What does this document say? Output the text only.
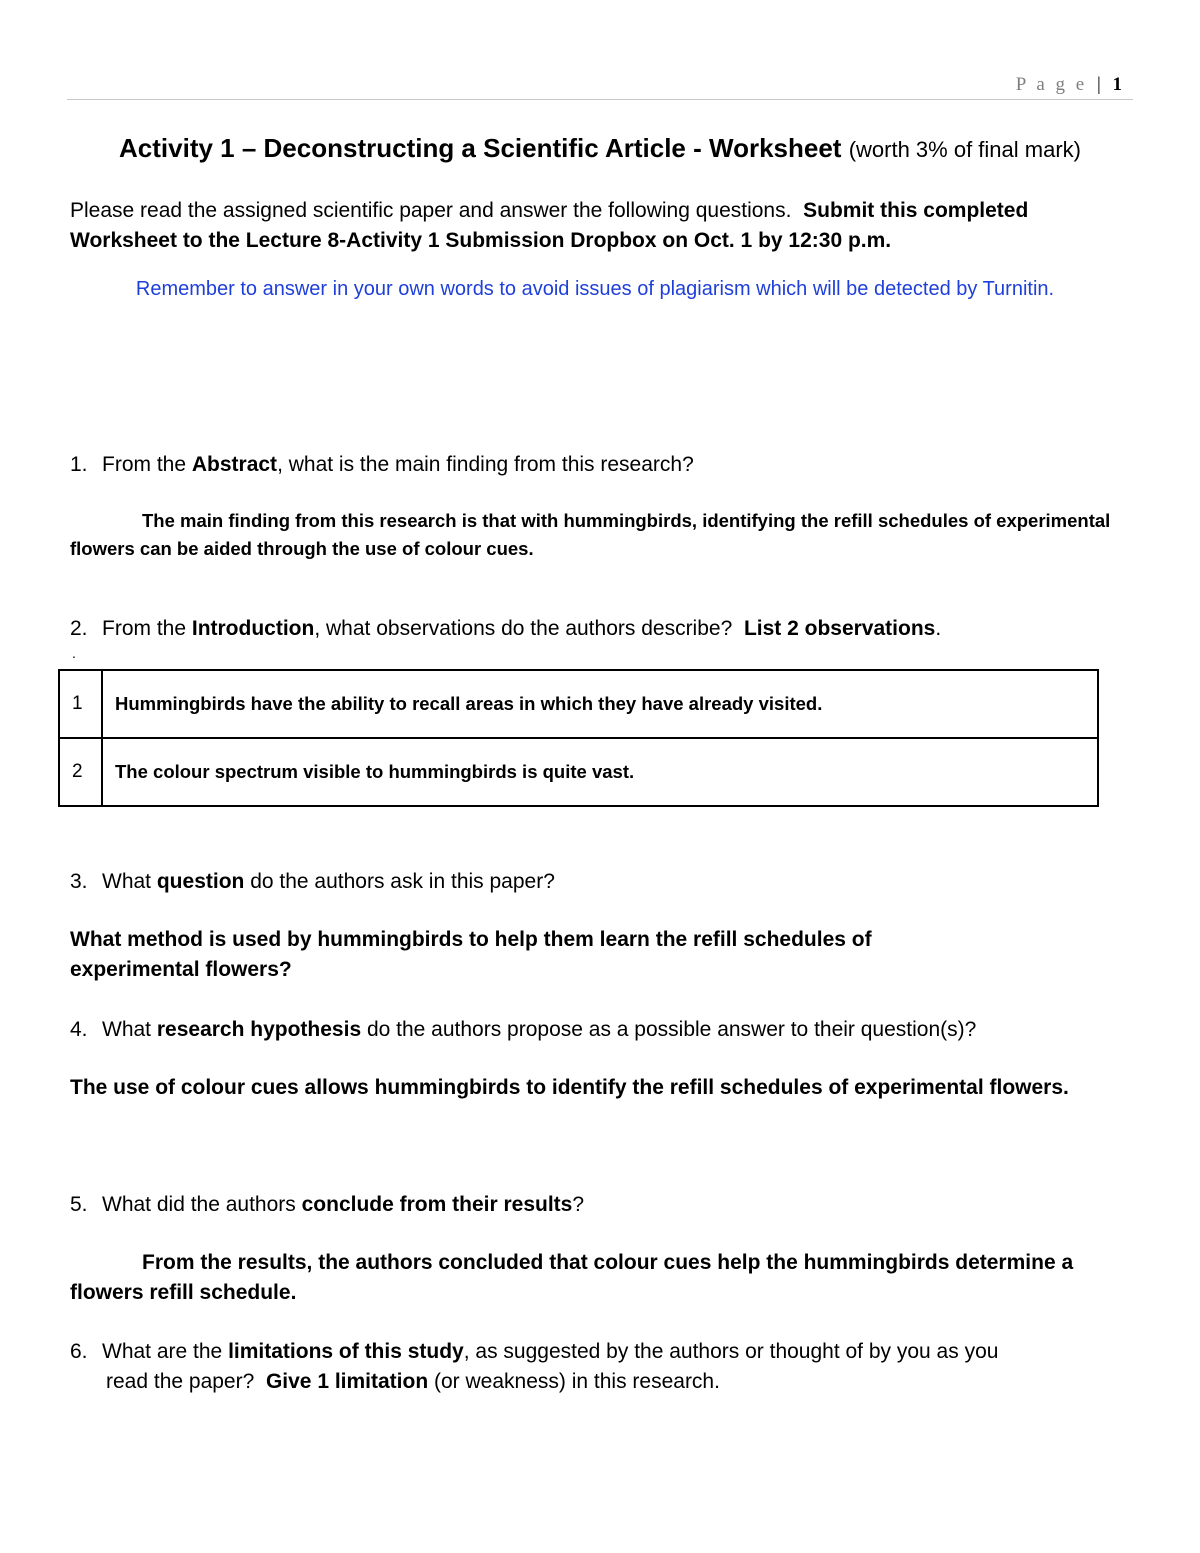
P a g e | 1
Activity 1 – Deconstructing a Scientific Article - Worksheet (worth 3% of final mark)
Please read the assigned scientific paper and answer the following questions. Submit this completed Worksheet to the Lecture 8-Activity 1 Submission Dropbox on Oct. 1 by 12:30 p.m.
Remember to answer in your own words to avoid issues of plagiarism which will be detected by Turnitin.
1. From the Abstract, what is the main finding from this research?
The main finding from this research is that with hummingbirds, identifying the refill schedules of experimental flowers can be aided through the use of colour cues.
2. From the Introduction, what observations do the authors describe?  List 2 observations.
.
1	Hummingbirds have the ability to recall areas in which they have already visited.
2	The colour spectrum visible to hummingbirds is quite vast.
3. What question do the authors ask in this paper?
What method is used by hummingbirds to help them learn the refill schedules of experimental flowers?
4. What research hypothesis do the authors propose as a possible answer to their question(s)?
The use of colour cues allows hummingbirds to identify the refill schedules of experimental flowers.
5. What did the authors conclude from their results?
From the results, the authors concluded that colour cues help the hummingbirds determine a flowers refill schedule.
6. What are the limitations of this study, as suggested by the authors or thought of by you as you
read the paper?  Give 1 limitation (or weakness) in this research.
